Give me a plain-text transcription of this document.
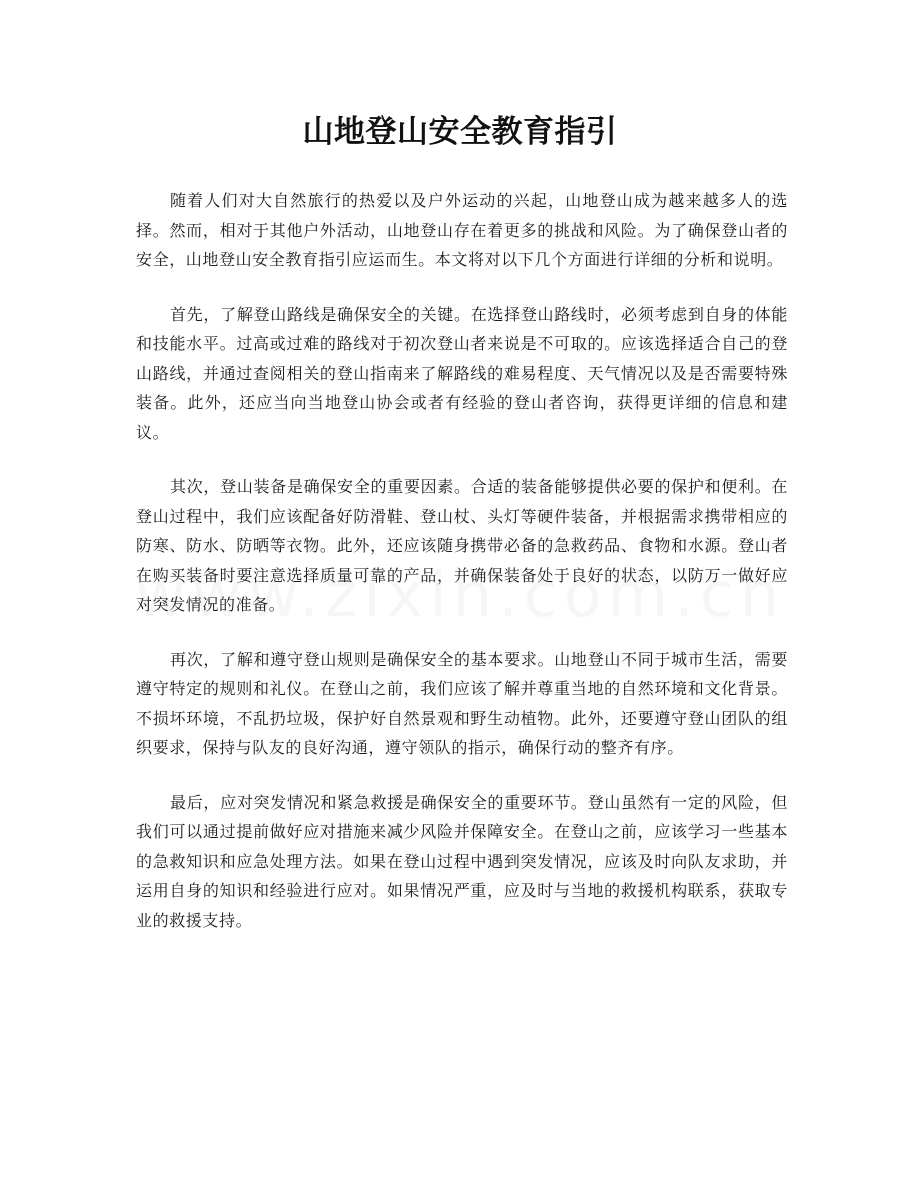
山地登山安全教育指引

随着人们对大自然旅行的热爱以及户外运动的兴起，山地登山成为越来越多人的选择。然而，相对于其他户外活动，山地登山存在着更多的挑战和风险。为了确保登山者的安全，山地登山安全教育指引应运而生。本文将对以下几个方面进行详细的分析和说明。

首先，了解登山路线是确保安全的关键。在选择登山路线时，必须考虑到自身的体能和技能水平。过高或过难的路线对于初次登山者来说是不可取的。应该选择适合自己的登山路线，并通过查阅相关的登山指南来了解路线的难易程度、天气情况以及是否需要特殊装备。此外，还应当向当地登山协会或者有经验的登山者咨询，获得更详细的信息和建议。

其次，登山装备是确保安全的重要因素。合适的装备能够提供必要的保护和便利。在登山过程中，我们应该配备好防滑鞋、登山杖、头灯等硬件装备，并根据需求携带相应的防寒、防水、防晒等衣物。此外，还应该随身携带必备的急救药品、食物和水源。登山者在购买装备时要注意选择质量可靠的产品，并确保装备处于良好的状态，以防万一做好应对突发情况的准备。

再次，了解和遵守登山规则是确保安全的基本要求。山地登山不同于城市生活，需要遵守特定的规则和礼仪。在登山之前，我们应该了解并尊重当地的自然环境和文化背景。不损坏环境，不乱扔垃圾，保护好自然景观和野生动植物。此外，还要遵守登山团队的组织要求，保持与队友的良好沟通，遵守领队的指示，确保行动的整齐有序。

最后，应对突发情况和紧急救援是确保安全的重要环节。登山虽然有一定的风险，但我们可以通过提前做好应对措施来减少风险并保障安全。在登山之前，应该学习一些基本的急救知识和应急处理方法。如果在登山过程中遇到突发情况，应该及时向队友求助，并运用自身的知识和经验进行应对。如果情况严重，应及时与当地的救援机构联系，获取专业的救援支持。
